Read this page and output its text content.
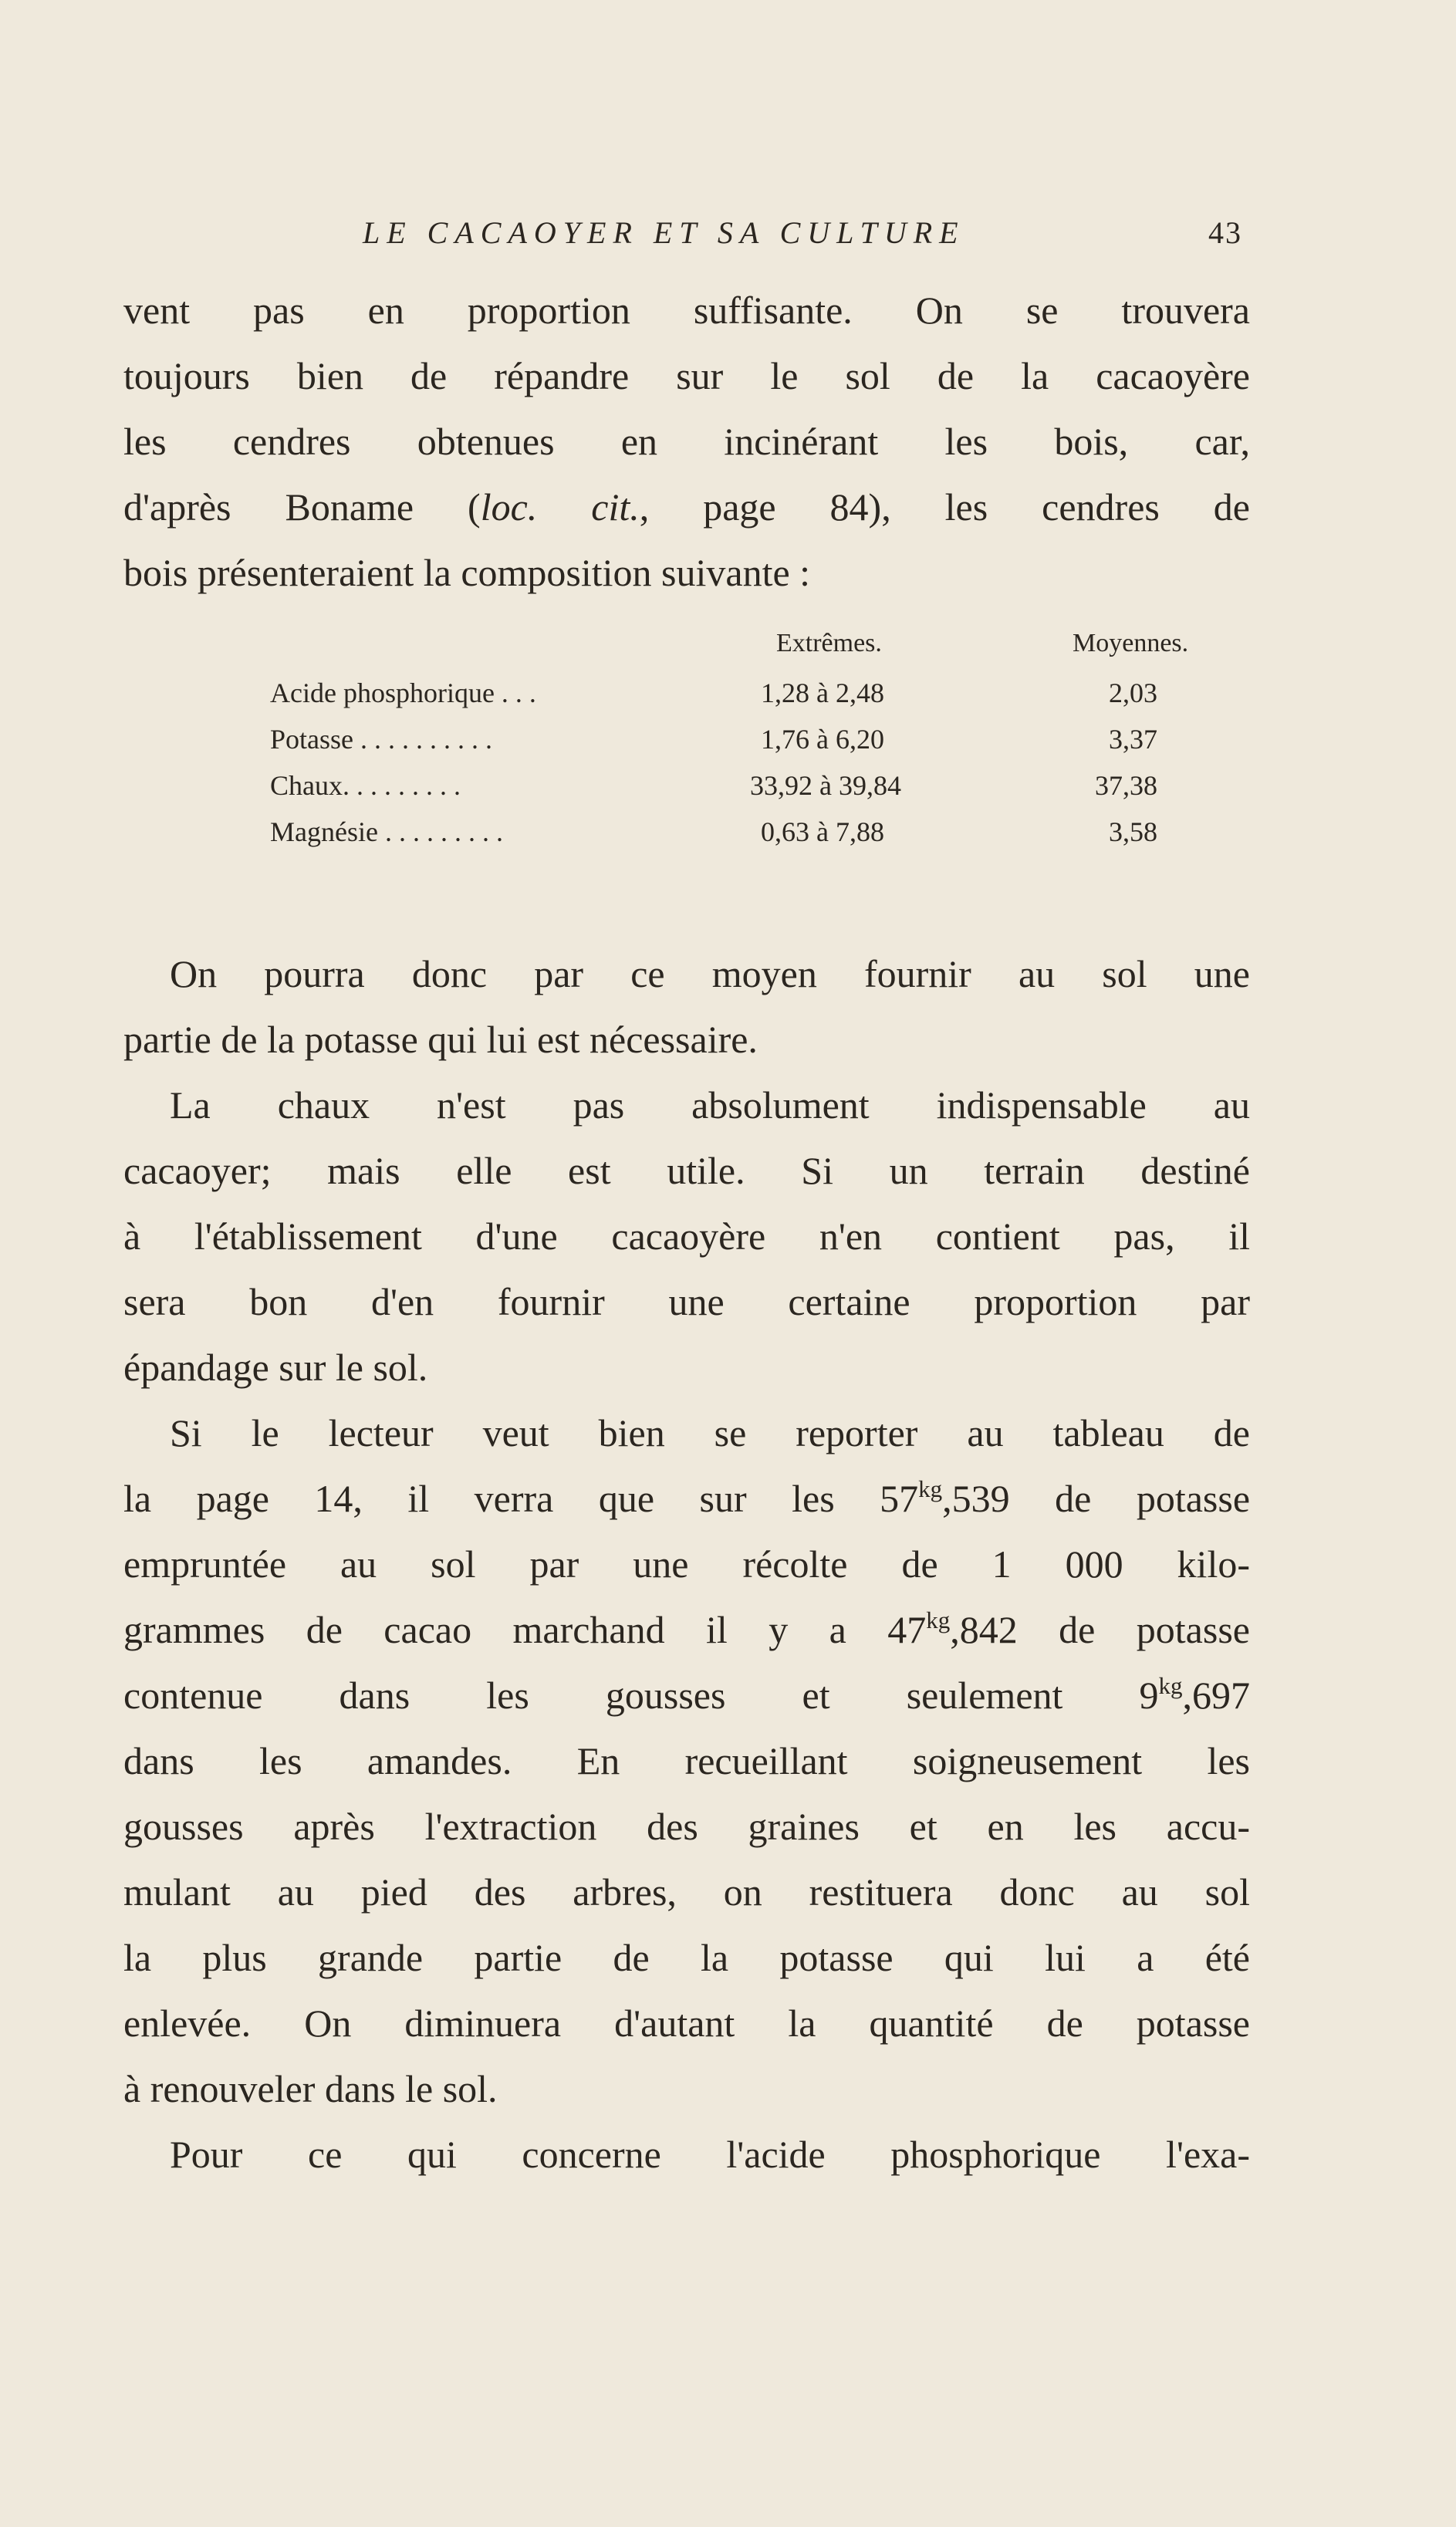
LE CACAOYER ET SA CULTURE	43
vent pas en proportion suffisante. On se trouvera
toujours bien de répandre sur le sol de la cacaoyère
les cendres obtenues en incinérant les bois, car,
d'après Boname (loc. cit., page 84), les cendres de
bois présenteraient la composition suivante :
Extrêmes.	Moyennes.
Acide phosphorique . . .	1,28 à 2,48	2,03
Potasse . . . . . . . . . .	1,76 à 6,20	3,37
Chaux. . . . . . . . .	33,92 à 39,84	37,38
Magnésie . . . . . . . . .	0,63 à 7,88	3,58
On pourra donc par ce moyen fournir au sol une
partie de la potasse qui lui est nécessaire.
La chaux n'est pas absolument indispensable au
cacaoyer; mais elle est utile. Si un terrain destiné
à l'établissement d'une cacaoyère n'en contient pas, il
sera bon d'en fournir une certaine proportion par
épandage sur le sol.
Si le lecteur veut bien se reporter au tableau de
la page 14, il verra que sur les $57^{kg},539$ de potasse
empruntée au sol par une récolte de 1 000 kilo-
grammes de cacao marchand il y a $47^{kg},842$ de potasse
contenue dans les gousses et seulement $9^{kg},697$
dans les amandes. En recueillant soigneusement les
gousses après l'extraction des graines et en les accu-
mulant au pied des arbres, on restituera donc au sol
la plus grande partie de la potasse qui lui a été
enlevée. On diminuera d'autant la quantité de potasse
à renouveler dans le sol.
Pour ce qui concerne l'acide phosphorique l'exa-
